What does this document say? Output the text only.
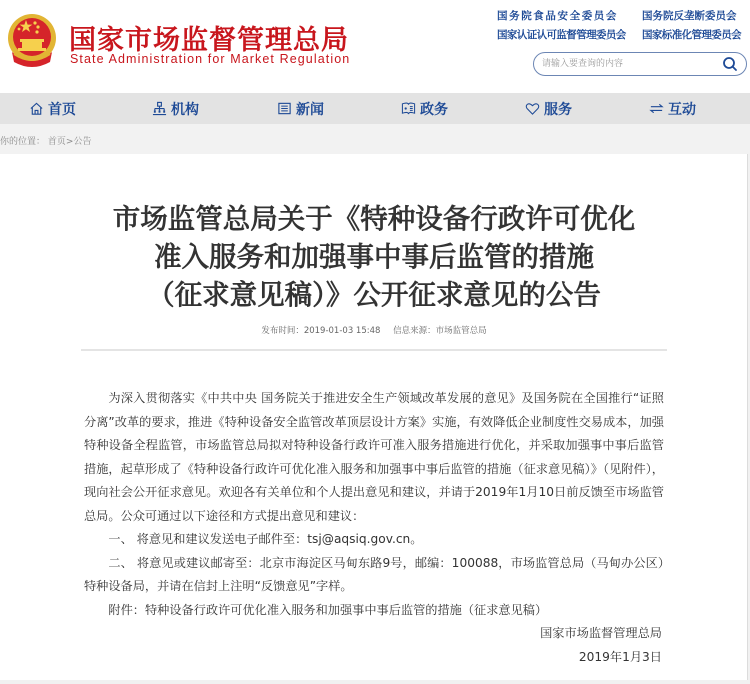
国家市场监督管理总局
State Administration for Market Regulation
国务院食品安全委员会 国务院反垄断委员会
国家认证认可监督管理委员会 国家标准化管理委员会
请输入要查询的内容
首页	机构	新闻	政务	服务	互动
你的位置： 首页>公告
市场监管总局关于《特种设备行政许可优化
准入服务和加强事中事后监管的措施
（征求意见稿）》公开征求意见的公告
发布时间：2019-01-03 15:48 信息来源：市场监管总局

为深入贯彻落实《中共中央 国务院关于推进安全生产领域改革发展的意见》及国务院在全国推行“证照分离”改革的要求，推进《特种设备安全监管改革顶层设计方案》实施，有效降低企业制度性交易成本，加强特种设备全程监管，市场监管总局拟对特种设备行政许可准入服务措施进行优化，并采取加强事中事后监管措施，起草形成了《特种设备行政许可优化准入服务和加强事中事后监管的措施（征求意见稿）》（见附件），现向社会公开征求意见。欢迎各有关单位和个人提出意见和建议，并请于2019年1月10日前反馈至市场监管总局。公众可通过以下途径和方式提出意见和建议：

一、 将意见和建议发送电子邮件至：tsj@aqsiq.gov.cn。

二、 将意见或建议邮寄至：北京市海淀区马甸东路9号，邮编：100088，市场监管总局（马甸办公区）特种设备局，并请在信封上注明“反馈意见”字样。

附件：特种设备行政许可优化准入服务和加强事中事后监管的措施（征求意见稿）

国家市场监督管理总局

2019年1月3日
